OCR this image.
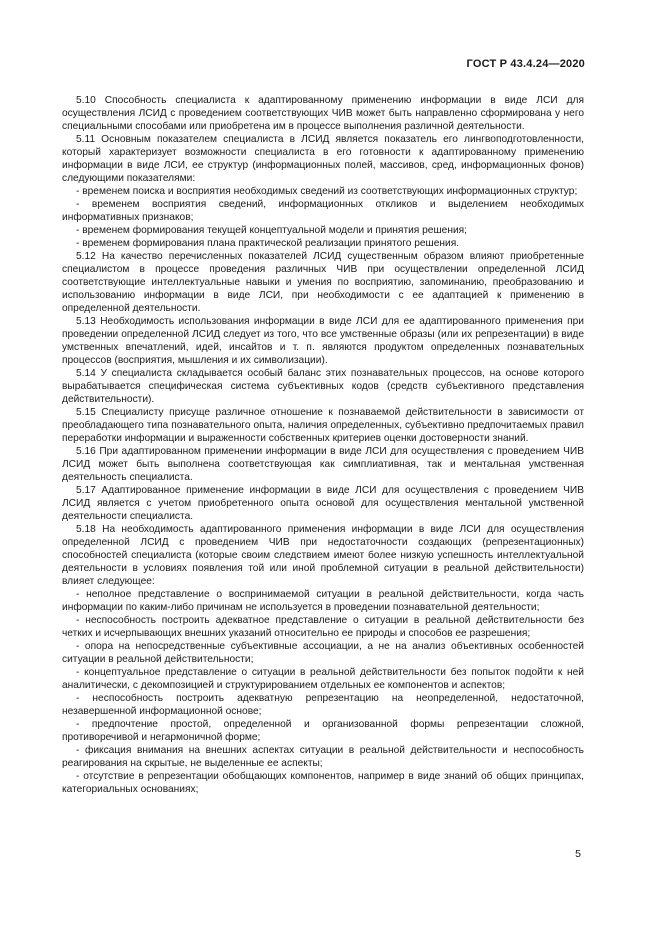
ГОСТ Р 43.4.24—2020

5.10 Способность специалиста к адаптированному применению информации в виде ЛСИ для осуществления ЛСИД с проведением соответствующих ЧИВ может быть направленно сформирована у него специальными способами или приобретена им в процессе выполнения различной деятельности.

5.11 Основным показателем специалиста в ЛСИД является показатель его лингвоподготовленности, который характеризует возможности специалиста в его готовности к адаптированному применению информации в виде ЛСИ, ее структур (информационных полей, массивов, сред, информационных фонов) следующими показателями:

- временем поиска и восприятия необходимых сведений из соответствующих информационных структур;

- временем восприятия сведений, информационных откликов и выделением необходимых информативных признаков;

- временем формирования текущей концептуальной модели и принятия решения;

- временем формирования плана практической реализации принятого решения.

5.12 На качество перечисленных показателей ЛСИД существенным образом влияют приобретенные специалистом в процессе проведения различных ЧИВ при осуществлении определенной ЛСИД соответствующие интеллектуальные навыки и умения по восприятию, запоминанию, преобразованию и использованию информации в виде ЛСИ, при необходимости с ее адаптацией к применению в определенной деятельности.

5.13 Необходимость использования информации в виде ЛСИ для ее адаптированного применения при проведении определенной ЛСИД следует из того, что все умственные образы (или их репрезентации) в виде умственных впечатлений, идей, инсайтов и т. п. являются продуктом определенных познавательных процессов (восприятия, мышления и их символизации).

5.14 У специалиста складывается особый баланс этих познавательных процессов, на основе которого вырабатывается специфическая система субъективных кодов (средств субъективного представления действительности).

5.15 Специалисту присуще различное отношение к познаваемой действительности в зависимости от преобладающего типа познавательного опыта, наличия определенных, субъективно предпочитаемых правил переработки информации и выраженности собственных критериев оценки достоверности знаний.

5.16 При адаптированном применении информации в виде ЛСИ для осуществления с проведением ЧИВ ЛСИД может быть выполнена соответствующая как симплиативная, так и ментальная умственная деятельность специалиста.

5.17 Адаптированное применение информации в виде ЛСИ для осуществления с проведением ЧИВ ЛСИД является с учетом приобретенного опыта основой для осуществления ментальной умственной деятельности специалиста.

5.18 На необходимость адаптированного применения информации в виде ЛСИ для осуществления определенной ЛСИД с проведением ЧИВ при недостаточности создающих (репрезентационных) способностей специалиста (которые своим следствием имеют более низкую успешность интеллектуальной деятельности в условиях появления той или иной проблемной ситуации в реальной действительности) влияет следующее:

- неполное представление о воспринимаемой ситуации в реальной действительности, когда часть информации по каким-либо причинам не используется в проведении познавательной деятельности;

- неспособность построить адекватное представление о ситуации в реальной действительности без четких и исчерпывающих внешних указаний относительно ее природы и способов ее разрешения;

- опора на непосредственные субъективные ассоциации, а не на анализ объективных особенностей ситуации в реальной действительности;

- концептуальное представление о ситуации в реальной действительности без попыток подойти к ней аналитически, с декомпозицией и структурированием отдельных ее компонентов и аспектов;

- неспособность построить адекватную репрезентацию на неопределенной, недостаточной, незавершенной информационной основе;

- предпочтение простой, определенной и организованной формы репрезентации сложной, противоречивой и негармоничной форме;

- фиксация внимания на внешних аспектах ситуации в реальной действительности и неспособность реагирования на скрытые, не выделенные ее аспекты;

- отсутствие в репрезентации обобщающих компонентов, например в виде знаний об общих принципах, категориальных основаниях;

5
